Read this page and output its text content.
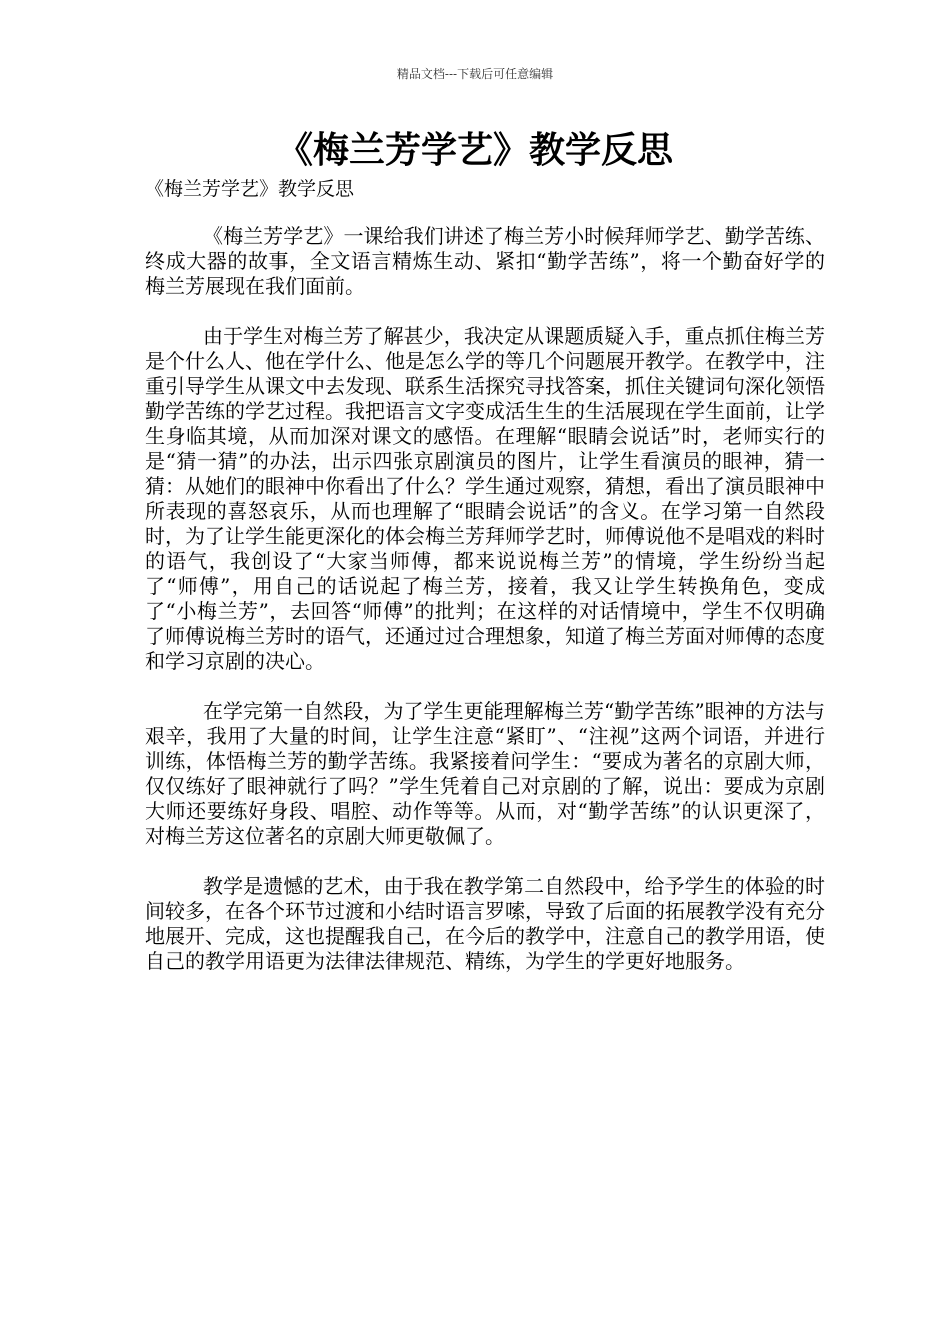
精品文档---下载后可任意编辑
《梅兰芳学艺》教学反思

《梅兰芳学艺》教学反思

《梅兰芳学艺》一课给我们讲述了梅兰芳小时候拜师学艺、勤学苦练、终成大器的故事，全文语言精炼生动、紧扣“勤学苦练”，将一个勤奋好学的梅兰芳展现在我们面前。

由于学生对梅兰芳了解甚少，我决定从课题质疑入手，重点抓住梅兰芳是个什么人、他在学什么、他是怎么学的等几个问题展开教学。在教学中，注重引导学生从课文中去发现、联系生活探究寻找答案，抓住关键词句深化领悟勤学苦练的学艺过程。我把语言文字变成活生生的生活展现在学生面前，让学生身临其境，从而加深对课文的感悟。在理解“眼睛会说话”时，老师实行的是“猜一猜”的办法，出示四张京剧演员的图片，让学生看演员的眼神，猜一猜：从她们的眼神中你看出了什么？学生通过观察，猜想，看出了演员眼神中所表现的喜怒哀乐，从而也理解了“眼睛会说话”的含义。在学习第一自然段时，为了让学生能更深化的体会梅兰芳拜师学艺时，师傅说他不是唱戏的料时的语气，我创设了“大家当师傅，都来说说梅兰芳”的情境，学生纷纷当起了“师傅”，用自己的话说起了梅兰芳，接着，我又让学生转换角色，变成了“小梅兰芳”，去回答“师傅”的批判；在这样的对话情境中，学生不仅明确了师傅说梅兰芳时的语气，还通过过合理想象，知道了梅兰芳面对师傅的态度和学习京剧的决心。

在学完第一自然段，为了学生更能理解梅兰芳“勤学苦练”眼神的方法与艰辛，我用了大量的时间，让学生注意“紧盯”、“注视”这两个词语，并进行训练，体悟梅兰芳的勤学苦练。我紧接着问学生：“要成为著名的京剧大师，仅仅练好了眼神就行了吗？”学生凭着自己对京剧的了解，说出：要成为京剧大师还要练好身段、唱腔、动作等等。从而，对“勤学苦练”的认识更深了，对梅兰芳这位著名的京剧大师更敬佩了。

教学是遗憾的艺术，由于我在教学第二自然段中，给予学生的体验的时间较多，在各个环节过渡和小结时语言罗嗦，导致了后面的拓展教学没有充分地展开、完成，这也提醒我自己，在今后的教学中，注意自己的教学用语，使自己的教学用语更为法律法律规范、精练，为学生的学更好地服务。
